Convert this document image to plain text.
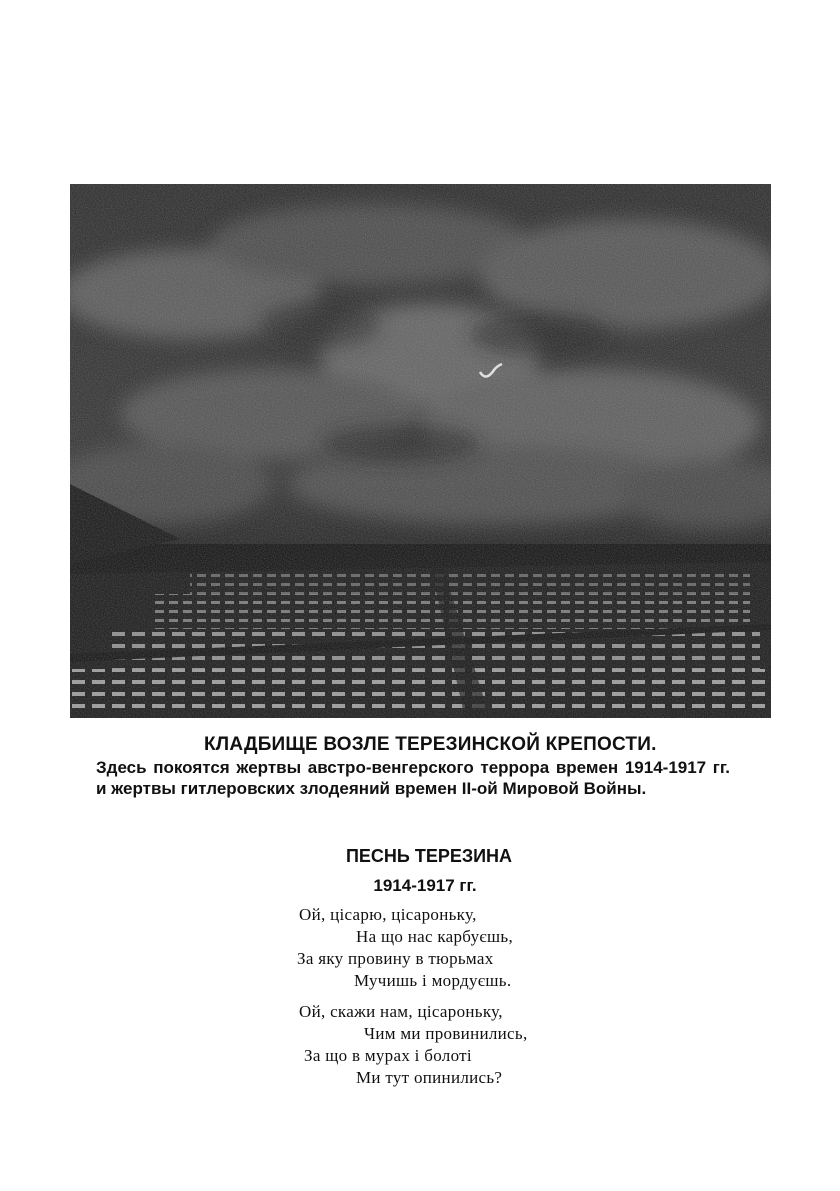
КЛАДБИЩЕ ВОЗЛЕ ТЕРЕЗИНСКОЙ КРЕПОСТИ.
Здесь покоятся жертвы австро-венгерского террора времен 1914-1917 гг. и жертвы гитлеровских злодеяний времен II-ой Мировой Войны.
ПЕСНЬ ТЕРЕЗИНА
1914-1917 гг.
Ой, цісарю, цісароньку,
На що нас карбуєшь,
За яку провину в тюрьмах
Мучишь і мордуєшь.
Ой, скажи нам, цісароньку,
Чим ми провинились,
За що в мурах і болоті
Ми тут опинились?
